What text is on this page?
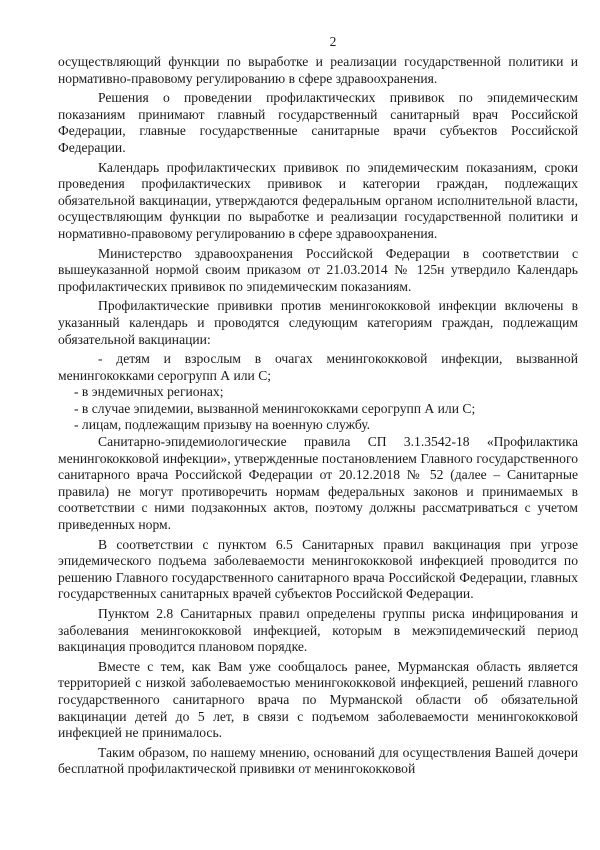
2

осуществляющий функции по выработке и реализации государственной политики и нормативно-правовому регулированию в сфере здравоохранения.

Решения о проведении профилактических прививок по эпидемическим показаниям принимают главный государственный санитарный врач Российской Федерации, главные государственные санитарные врачи субъектов Российской Федерации.

Календарь профилактических прививок по эпидемическим показаниям, сроки проведения профилактических прививок и категории граждан, подлежащих обязательной вакцинации, утверждаются федеральным органом исполнительной власти, осуществляющим функции по выработке и реализации государственной политики и нормативно-правовому регулированию в сфере здравоохранения.

Министерство здравоохранения Российской Федерации в соответствии с вышеуказанной нормой своим приказом от 21.03.2014 № 125н утвердило Календарь профилактических прививок по эпидемическим показаниям.

Профилактические прививки против менингококковой инфекции включены в указанный календарь и проводятся следующим категориям граждан, подлежащим обязательной вакцинации:

- детям и взрослым в очагах менингококковой инфекции, вызванной менингококками серогрупп А или С;

- в эндемичных регионах;

- в случае эпидемии, вызванной менингококками серогрупп А или С;

- лицам, подлежащим призыву на военную службу.

Санитарно-эпидемиологические правила СП 3.1.3542-18 «Профилактика менингококковой инфекции», утвержденные постановлением Главного государственного санитарного врача Российской Федерации от 20.12.2018 № 52 (далее – Санитарные правила) не могут противоречить нормам федеральных законов и принимаемых в соответствии с ними подзаконных актов, поэтому должны рассматриваться с учетом приведенных норм.

В соответствии с пунктом 6.5 Санитарных правил вакцинация при угрозе эпидемического подъема заболеваемости менингококковой инфекцией проводится по решению Главного государственного санитарного врача Российской Федерации, главных государственных санитарных врачей субъектов Российской Федерации.

Пунктом 2.8 Санитарных правил определены группы риска инфицирования и заболевания менингококковой инфекцией, которым в межэпидемический период вакцинация проводится плановом порядке.

Вместе с тем, как Вам уже сообщалось ранее, Мурманская область является территорией с низкой заболеваемостью менингококковой инфекцией, решений главного государственного санитарного врача по Мурманской области об обязательной вакцинации детей до 5 лет, в связи с подъемом заболеваемости менингококковой инфекцией не принималось.

Таким образом, по нашему мнению, оснований для осуществления Вашей дочери бесплатной профилактической прививки от менингококковой
